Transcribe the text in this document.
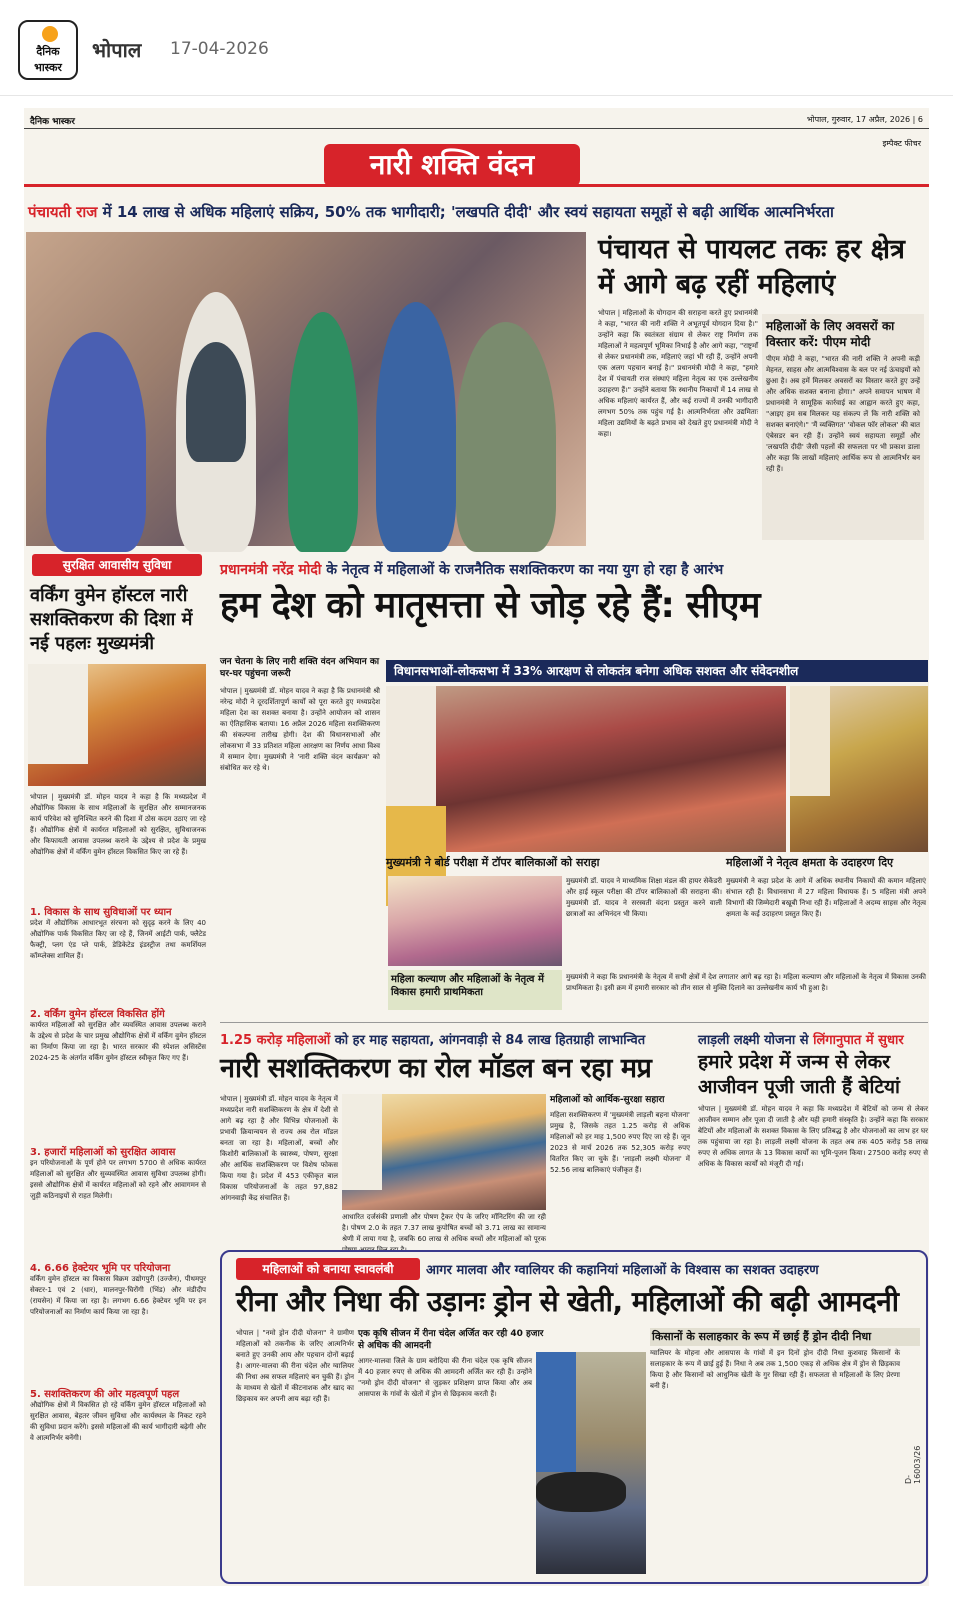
दैनिक
भास्कर
भोपाल 17-04-2026
दैनिक भास्कर	भोपाल, गुरुवार, 17 अप्रैल, 2026 | 6
इम्पैक्ट फीचर
नारी शक्ति वंदन
पंचायती राज में 14 लाख से अधिक महिलाएं सक्रिय, 50% तक भागीदारी; 'लखपति दीदी' और स्वयं सहायता समूहों से बढ़ी आर्थिक आत्मनिर्भरता
पंचायत से पायलट तकः हर क्षेत्र में आगे बढ़ रहीं महिलाएं
भोपाल | महिलाओं के योगदान की सराहना करते हुए प्रधानमंत्री ने कहा, "भारत की नारी शक्ति ने अभूतपूर्व योगदान दिया है।" उन्होंने कहा कि स्वतंत्रता संग्राम से लेकर राष्ट्र निर्माण तक महिलाओं ने महत्वपूर्ण भूमिका निभाई है और आगे कहा, "राष्ट्रमाँ से लेकर प्रधानमंत्री तक, महिलाएं जहां भी रही हैं, उन्होंने अपनी एक अलग पहचान बनाई है।" प्रधानमंत्री मोदी ने कहा, "हमारे देश में पंचायती राज संस्थाएं महिला नेतृत्व का एक उल्लेखनीय उदाहरण हैं।" उन्होंने बताया कि स्थानीय निकायों में 14 लाख से अधिक महिलाएं कार्यरत हैं, और कई राज्यों में उनकी भागीदारी लगभग 50% तक पहुंच गई है। आत्मनिर्भरता और उद्यमिताः महिला उद्यमियों के बढ़ते प्रभाव को देखते हुए प्रधानमंत्री मोदी ने कहा।
महिलाओं के लिए अवसरों का विस्तार करें: पीएम मोदी
पीएम मोदी ने कहा, "भारत की नारी शक्ति ने अपनी कड़ी मेहनत, साहस और आत्मविश्वास के बल पर नई ऊंचाइयों को छुआ है। अब हमें मिलकर अवसरों का विस्तार करते हुए उन्हें और अधिक सशक्त बनाना होगा।" अपने समापन भाषण में प्रधानमंत्री ने सामूहिक कार्रवाई का आह्वान करते हुए कहा, "आइए हम सब मिलकर यह संकल्प लें कि नारी शक्ति को सशक्त बनाएंगे।" 'मैं व्यक्तिगत' 'वोकल फॉर लोकल' की बात एंबेसडर बन रही हैं। उन्होंने स्वयं सहायता समूहों और 'लखपति दीदी' जैसी पहलों की सफलता पर भी प्रकाश डाला और कहा कि लाखों महिलाएं आर्थिक रूप से आत्मनिर्भर बन रही हैं।
सुरक्षित आवासीय सुविधा
वर्किंग वुमेन हॉस्टल नारी सशक्तिकरण की दिशा में नई पहलः मुख्यमंत्री
भोपाल | मुख्यमंत्री डॉ. मोहन यादव ने कहा है कि मध्यप्रदेश में औद्योगिक विकास के साथ महिलाओं के सुरक्षित और सम्मानजनक कार्य परिवेश को सुनिश्चित करने की दिशा में ठोस कदम उठाए जा रहे हैं। औद्योगिक क्षेत्रों में कार्यरत महिलाओं को सुरक्षित, सुविधाजनक और किफायती आवास उपलब्ध कराने के उद्देश्य से प्रदेश के प्रमुख औद्योगिक क्षेत्रों में वर्किंग वुमेन हॉस्टल विकसित किए जा रहे हैं।
1. विकास के साथ सुविधाओं पर ध्यान
प्रदेश में औद्योगिक आधारभूत संरचना को सुदृढ़ करने के लिए 40 औद्योगिक पार्क विकसित किए जा रहे हैं, जिनमें आईटी पार्क, फ्लैटेड फैक्ट्री, प्लग एंड प्ले पार्क, डेडिकेटेड इंडस्ट्रीज तथा कमर्शियल कॉम्प्लेक्स शामिल हैं।
2. वर्किंग वुमेन हॉस्टल विकसित होंगे
कार्यरत महिलाओं को सुरक्षित और व्यवस्थित आवास उपलब्ध कराने के उद्देश्य से प्रदेश के चार प्रमुख औद्योगिक क्षेत्रों में वर्किंग वुमेन हॉस्टल का निर्माण किया जा रहा है। भारत सरकार की स्पेशल असिस्टेंस 2024-25 के अंतर्गत वर्किंग वुमेन हॉस्टल स्वीकृत किए गए हैं।
3. हजारों महिलाओं को सुरक्षित आवास
इन परियोजनाओं के पूर्ण होने पर लगभग 5700 से अधिक कार्यरत महिलाओं को सुरक्षित और सुव्यवस्थित आवास सुविधा उपलब्ध होगी। इससे औद्योगिक क्षेत्रों में कार्यरत महिलाओं को रहने और आवागमन से जुड़ी कठिनाइयों से राहत मिलेगी।
4. 6.66 हेक्टेयर भूमि पर परियोजना
वर्किंग वुमेन हॉस्टल का विकास विक्रम उद्योगपुरी (उज्जैन), पीथमपुर सेक्टर-1 एवं 2 (धार), मालनपुर-घिरोंगी (भिंड) और मंडीदीप (रायसेन) में किया जा रहा है। लगभग 6.66 हेक्टेयर भूमि पर इन परियोजनाओं का निर्माण कार्य किया जा रहा है।
5. सशक्तिकरण की ओर महत्वपूर्ण पहल
औद्योगिक क्षेत्रों में विकसित हो रहे वर्किंग वुमेन हॉस्टल महिलाओं को सुरक्षित आवास, बेहतर जीवन सुविधा और कार्यस्थल के निकट रहने की सुविधा प्रदान करेंगे। इससे महिलाओं की कार्य भागीदारी बढ़ेगी और वे आत्मनिर्भर बनेंगी।
प्रधानमंत्री नरेंद्र मोदी के नेतृत्व में महिलाओं के राजनैतिक सशक्तिकरण का नया युग हो रहा है आरंभ
हम देश को मातृसत्ता से जोड़ रहे हैं: सीएम
जन चेतना के लिए नारी शक्ति वंदन अभियान का घर-घर पहुंचना जरूरी
भोपाल | मुख्यमंत्री डॉ. मोहन यादव ने कहा है कि प्रधानमंत्री श्री नरेन्द्र मोदी ने दूरदर्शितापूर्ण कार्यों को पूरा करते हुए मध्यप्रदेश महिला देश का सशक्त बनाया है। उन्होंने आयोजन को शासन का ऐतिहासिक बताया। 16 अप्रैल 2026 महिला सशक्तिकरण की संकल्पना तारीख होगी। देश की विधानसभाओं और लोकसभा में 33 प्रतिशत महिला आरक्षण का निर्णय आधा विश्व में सम्मान देगा। मुख्यमंत्री ने 'नारी शक्ति वंदन कार्यक्रम' को संबोधित कर रहे थे।
विधानसभाओं-लोकसभा में 33% आरक्षण से लोकतंत्र बनेगा अधिक सशक्त और संवेदनशील
मुख्यमंत्री ने बोर्ड परीक्षा में टॉपर बालिकाओं को सराहा	महिलाओं ने नेतृत्व क्षमता के उदाहरण दिए
मुख्यमंत्री डॉ. यादव ने माध्यमिक शिक्षा मंडल की हायर सेकेंडरी और हाई स्कूल परीक्षा की टॉपर बालिकाओं की सराहना की। मुख्यमंत्री डॉ. यादव ने सरस्वती वंदना प्रस्तुत करने वाली छात्राओं का अभिनंदन भी किया।
मुख्यमंत्री ने कहा प्रदेश के आगे में अधिक स्थानीय निकायों की कमान महिलाएं संभाल रही हैं। विधानसभा में 27 महिला विधायक हैं। 5 महिला मंत्री अपने विभागों की जिम्मेदारी बखूबी निभा रही हैं। महिलाओं ने अदम्य साहस और नेतृत्व क्षमता के कई उदाहरण प्रस्तुत किए हैं।
महिला कल्याण और महिलाओं के नेतृत्व में विकास हमारी प्राथमिकता
मुख्यमंत्री ने कहा कि प्रधानमंत्री के नेतृत्व में सभी क्षेत्रों में देश लगातार आगे बढ़ रहा है। महिला कल्याण और महिलाओं के नेतृत्व में विकास उनकी प्राथमिकता है। इसी क्रम में हमारी सरकार को तीन साल से मुक्ति दिलाने का उल्लेखनीय कार्य भी हुआ है।
1.25 करोड़ महिलाओं को हर माह सहायता, आंगनवाड़ी से 84 लाख हितग्राही लाभान्वित
नारी सशक्तिकरण का रोल मॉडल बन रहा मप्र
भोपाल | मुख्यमंत्री डॉ. मोहन यादव के नेतृत्व में मध्यप्रदेश नारी सशक्तिकरण के क्षेत्र में देशी से आगे बढ़ रहा है और विभिन्न योजनाओं के प्रभावी क्रियान्वयन से राज्य अब रोल मॉडल बनता जा रहा है। महिलाओं, बच्चों और किशोरी बालिकाओं के स्वास्थ्य, पोषण, सुरक्षा और आर्थिक सशक्तिकरण पर विशेष फोकस किया गया है। प्रदेश में 453 एकीकृत बाल विकास परियोजनाओं के तहत 97,882 आंगनवाड़ी केंद्र संचालित हैं।
आधारित दर्जसंकी प्रणाली और पोषण ट्रैकर ऐप के जरिए मॉनिटरिंग की जा रही है। पोषण 2.0 के तहत 7.37 लाख कुपोषित बच्चों को 3.71 लाख का सामान्य श्रेणी में लाया गया है, जबकि 60 लाख से अधिक बच्चों और महिलाओं को पूरक
महिलाओं को आर्थिक-सुरक्षा सहारा
महिला सशक्तिकरण में 'मुख्यमंत्री लाड़ली बहना योजना' प्रमुख है, जिसके तहत 1.25 करोड़ से अधिक महिलाओं को हर माह 1,500 रुपए दिए जा रहे हैं। जून 2023 से मार्च 2026 तक 52,305 करोड़ रुपए वितरित किए जा चुके हैं। 'लाड़ली लक्ष्मी योजना' में 52.56 लाख बालिकाएं पंजीकृत हैं।
लाड़ली लक्ष्मी योजना से लिंगानुपात में सुधार
हमारे प्रदेश में जन्म से लेकर आजीवन पूजी जाती हैं बेटियां
भोपाल | मुख्यमंत्री डॉ. मोहन यादव ने कहा कि मध्यप्रदेश में बेटियों को जन्म से लेकर आजीवन सम्मान और पूजा दी जाती है और यही हमारी संस्कृति है। उन्होंने कहा कि सरकार बेटियों और महिलाओं के सशक्त विकास के लिए प्रतिबद्ध है और योजनाओं का लाभ हर घर तक पहुंचाया जा रहा है। लाड़ली लक्ष्मी योजना के तहत अब तक 405 करोड़ 58 लाख रुपए से अधिक लागत के 13 विकास कार्यों का भूमि-पूजन किया। 27500 करोड़ रुपए से अधिक के विकास कार्यों को मंजूरी दी गई।
महिलाओं को बनाया स्वावलंबी	आगर मालवा और ग्वालियर की कहानियां महिलाओं के विश्वास का सशक्त उदाहरण
रीना और निधा की उड़ानः ड्रोन से खेती, महिलाओं की बढ़ी आमदनी
भोपाल | "नमो ड्रोन दीदी योजना" ने ग्रामीण महिलाओं को तकनीक के जरिए आत्मनिर्भर बनाते हुए उनकी आय और पहचान दोनों बढ़ाई है। आगर-मालवा की रीना चंदेल और ग्वालियर की निधा अब सफल महिलाएं बन चुकी हैं। ड्रोन के माध्यम से खेतों में कीटनाशक और खाद का छिड़काव कर अपनी आय बढ़ा रही हैं।
एक कृषि सीजन में रीना चंदेल अर्जित कर रही 40 हजार से अधिक की आमदनी
आगर-मालवा जिले के ग्राम बरोदिया की रीना चंदेल एक कृषि सीजन में 40 हजार रुपए से अधिक की आमदनी अर्जित कर रही हैं। उन्होंने "नमो ड्रोन दीदी योजना" से जुड़कर प्रशिक्षण प्राप्त किया और अब आसपास के गांवों के खेतों में ड्रोन से छिड़काव करती हैं।
किसानों के सलाहकार के रूप में छाई हैं ड्रोन दीदी निधा
ग्वालियर के मोहना और आसपास के गांवों में इन दिनों ड्रोन दीदी निधा कुशवाह किसानों के सलाहकार के रूप में छाई हुई हैं। निधा ने अब तक 1,500 एकड़ से अधिक क्षेत्र में ड्रोन से छिड़काव किया है और किसानों को आधुनिक खेती के गुर सिखा रही हैं। सफलता से महिलाओं के लिए प्रेरणा बनी हैं।
D-16003/26
